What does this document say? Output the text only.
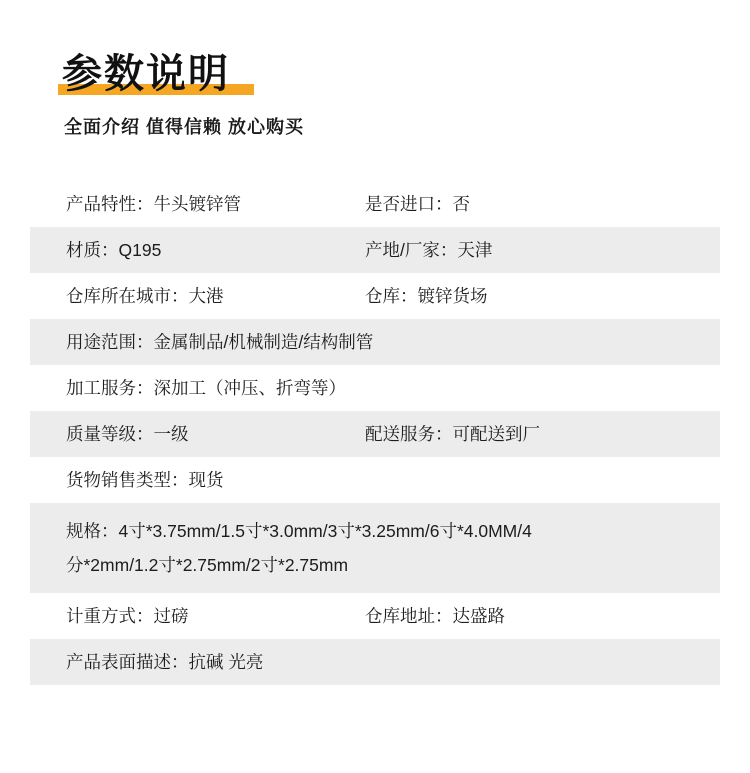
参数说明
全面介绍 值得信赖 放心购买
产品特性：牛头镀锌管	是否进口：否
材质：Q195	产地/厂家：天津
仓库所在城市：大港	仓库：镀锌货场
用途范围：金属制品/机械制造/结构制管
加工服务：深加工（冲压、折弯等）
质量等级：一级	配送服务：可配送到厂
货物销售类型：现货
规格：4寸*3.75mm/1.5寸*3.0mm/3寸*3.25mm/6寸*4.0MM/4
分*2mm/1.2寸*2.75mm/2寸*2.75mm
计重方式：过磅	仓库地址：达盛路
产品表面描述：抗碱 光亮
